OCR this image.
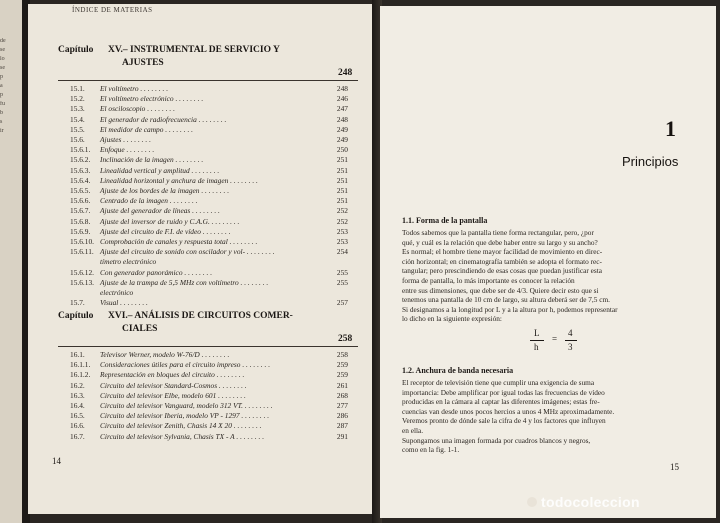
de
se
lo
se
p
a
p
fu
b
s
ir
ÍNDICE DE MATERIAS
Capítulo XV.– INSTRUMENTAL DE SERVICIO Y
AJUSTES
248
15.1. El voltímetro . . . . . . . .	248
15.2. El voltímetro electrónico . . . . . . . .	246
15.3. El osciloscopio . . . . . . . .	247
15.4. El generador de radiofrecuencia . . . . . . . .	248
15.5. El medidor de campo . . . . . . . .	249
15.6. Ajustes . . . . . . . .	249
15.6.1. Enfoque . . . . . . . .	250
15.6.2. Inclinación de la imagen . . . . . . . .	251
15.6.3. Linealidad vertical y amplitud . . . . . . . .	251
15.6.4. Linealidad horizontal y anchura de imagen . . . . . . . .	251
15.6.5. Ajuste de los bordes de la imagen . . . . . . . .	251
15.6.6. Centrado de la imagen . . . . . . . .	251
15.6.7. Ajuste del generador de líneas . . . . . . . .	252
15.6.8. Ajuste del inversor de ruido y C.A.G. . . . . . . . .	252
15.6.9. Ajuste del circuito de F.I. de vídeo . . . . . . . .	253
15.6.10. Comprobación de canales y respuesta total . . . . . . . .	253
15.6.11. Ajuste del circuito de sonido con oscilador y vol- . . . . . . . .	254
tímetro electrónico
15.6.12. Con generador panorámico . . . . . . . .	255
15.6.13. Ajuste de la trampa de 5,5 MHz con voltímetro . . . . . . . .	255
electrónico
15.7. Visual . . . . . . . .	257
Capítulo XVI.– ANÁLISIS DE CIRCUITOS COMER-
CIALES
258
16.1. Televisor Werner, modelo W-76/D . . . . . . . .	258
16.1.1. Consideraciones útiles para el circuito impreso . . . . . . . .	259
16.1.2. Representación en bloques del circuito . . . . . . . .	259
16.2. Circuito del televisor Standard-Cosmos . . . . . . . .	261
16.3. Circuito del televisor Elbe, modelo 601 . . . . . . . .	268
16.4. Circuito del televisor Vanguard, modelo 312 VT. . . . . . . . .	277
16.5. Circuito del televisor Iberia, modelo VP - 1297 . . . . . . . .	286
16.6. Circuito del televisor Zenith, Chasis 14 X 20 . . . . . . . .	287
16.7. Circuito del televisor Sylvania, Chasis TX - A . . . . . . . .	291
14
1
Principios
1.1. Forma de la pantalla
Todos sabemos que la pantalla tiene forma rectangular, pero, ¿por
qué, y cuál es la relación que debe haber entre su largo y su ancho?
Es normal; el hombre tiene mayor facilidad de movimiento en direc-
ción horizontal; en cinematografía también se adopta el formato rec-
tangular; pero prescindiendo de esas cosas que puedan justificar esta
forma de pantalla, lo más importante es conocer la relación
entre sus dimensiones, que debe ser de 4/3. Quiere decir esto que si
tenemos una pantalla de 10 cm de largo, su altura deberá ser de 7,5 cm.
Si designamos a la longitud por L y a la altura por h, podemos representar
lo dicho en la siguiente expresión:
L
h
=
4
3
1.2. Anchura de banda necesaria
El receptor de televisión tiene que cumplir una exigencia de suma
importancia: Debe amplificar por igual todas las frecuencias de vídeo
producidas en la cámara al captar las diferentes imágenes; estas fre-
cuencias van desde unos pocos hercios a unos 4 MHz aproximadamente.
Veremos pronto de dónde sale la cifra de 4 y los factores que influyen
en ella.
Supongamos una imagen formada por cuadros blancos y negros,
como en la fig. 1-1.
15
todocoleccion
